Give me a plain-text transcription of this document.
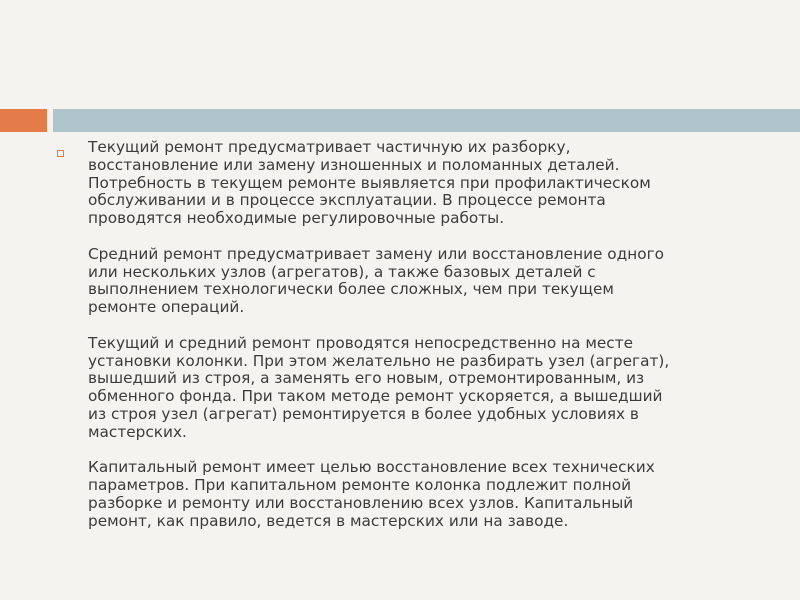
Текущий ремонт предусматривает частичную их разборку,
восстановление или замену изношенных и поломанных деталей.
Потребность в текущем ремонте выявляется при профилактическом
обслуживании и в процессе эксплуатации. В процессе ремонта
проводятся необходимые регулировочные работы.

Средний ремонт предусматривает замену или восстановление одного
или нескольких узлов (агрегатов), а также базовых деталей с
выполнением технологически более сложных, чем при текущем
ремонте операций.

Текущий и средний ремонт проводятся непосредственно на месте
установки колонки. При этом желательно не разбирать узел (агрегат),
вышедший из строя, а заменять его новым, отремонтированным, из
обменного фонда. При таком методе ремонт ускоряется, а вышедший
из строя узел (агрегат) ремонтируется в более удобных условиях в
мастерских.

Капитальный ремонт имеет целью восстановление всех технических
параметров. При капитальном ремонте колонка подлежит полной
разборке и ремонту или восстановлению всех узлов. Капитальный
ремонт, как правило, ведется в мастерских или на заводе.
